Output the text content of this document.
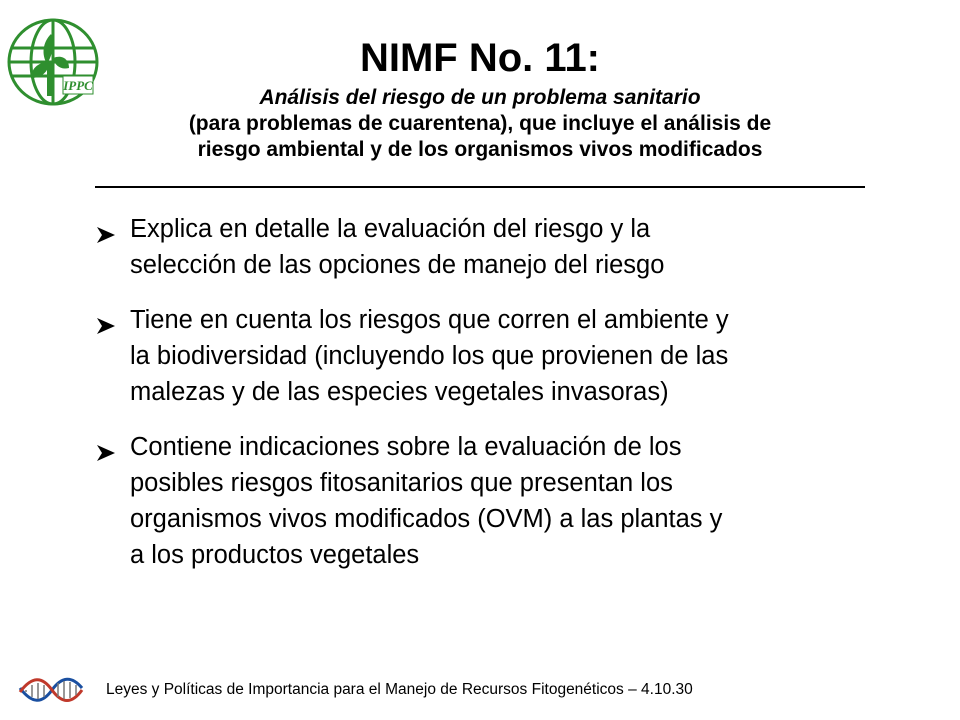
IPPC
NIMF No. 11:
Análisis del riesgo de un problema sanitario
(para problemas de cuarentena), que incluye el análisis de
riesgo ambiental y de los organismos vivos modificados
Explica en detalle la evaluación del riesgo y la
selección de las opciones de manejo del riesgo
Tiene en cuenta los riesgos que corren el ambiente y
la biodiversidad (incluyendo los que provienen de las
malezas y de las especies vegetales invasoras)
Contiene indicaciones sobre la evaluación de los
posibles riesgos fitosanitarios que presentan los
organismos vivos modificados (OVM) a las plantas y
a los productos vegetales
Leyes y Políticas de Importancia para el Manejo de Recursos Fitogenéticos – 4.10.30
